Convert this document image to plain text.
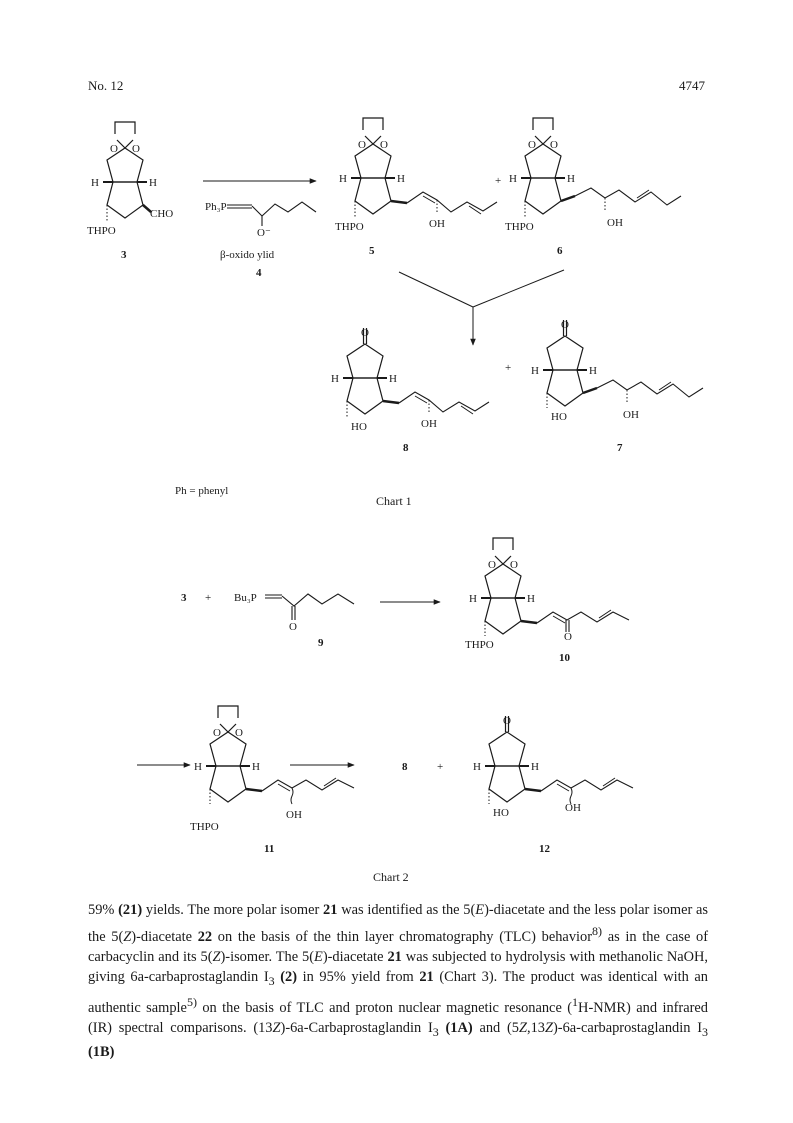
No. 12	4747
O O
H	H
CHO
THPO
3
Ph₃P
O⁻
β-oxido ylid
4
O O
H	H
OH
THPO
5
+
O O
H	H
OH
THPO
6
O
H	H
OH
HO
8
+
O
H	H
OH
HO
7
Ph = phenyl
Chart 1
3 + Bu₃P
O
9
O O
H	H
O
THPO
10
O O
H	H
OH
THPO
11
8	+
O
H	H
OH
HO
12
Chart 2

59% (21) yields. The more polar isomer 21 was identified as the 5(E)-diacetate and the less polar isomer as the 5(Z)-diacetate 22 on the basis of the thin layer chromatography (TLC) behavior$^{8)}$ as in the case of carbacyclin and its 5(Z)-isomer. The 5(E)-diacetate 21 was subjected to hydrolysis with methanolic NaOH, giving 6a-carbaprostaglandin $I_3$ (2) in 95% yield from 21 (Chart 3). The product was identical with an authentic sample$^{5)}$ on the basis of TLC and proton nuclear magnetic resonance ($^1$H-NMR) and infrared (IR) spectral comparisons. (13Z)-6a-Carbaprostaglandin $I_3$ (1A) and (5Z,13Z)-6a-carbaprostaglandin $I_3$ (1B)
